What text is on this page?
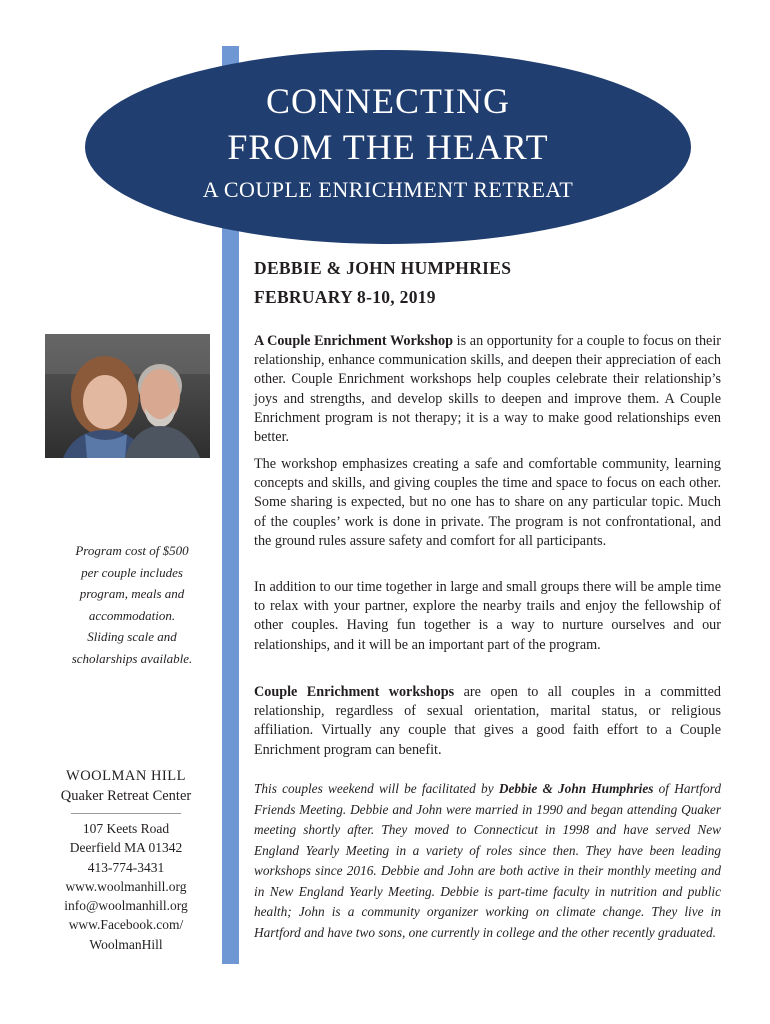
CONNECTING
FROM THE HEART
A COUPLE ENRICHMENT RETREAT
DEBBIE & JOHN HUMPHRIES
FEBRUARY 8-10, 2019
Program cost of $500
per couple includes
program, meals and
accommodation.
Sliding scale and
scholarships available.
WOOLMAN HILL
Quaker Retreat Center
107 Keets Road
Deerfield MA 01342
413-774-3431
www.woolmanhill.org
info@woolmanhill.org
www.Facebook.com/
WoolmanHill
A Couple Enrichment Workshop is an opportunity for a couple to focus on their relationship, enhance communication skills, and deepen their appreciation of each other. Couple Enrichment workshops help couples celebrate their relationship’s joys and strengths, and develop skills to deepen and improve them. A Couple Enrichment program is not therapy; it is a way to make good relationships even better.
The workshop emphasizes creating a safe and comfortable community, learning concepts and skills, and giving couples the time and space to focus on each other. Some sharing is expected, but no one has to share on any particular topic. Much of the couples’ work is done in private. The program is not confrontational, and the ground rules assure safety and comfort for all participants.
In addition to our time together in large and small groups there will be ample time to relax with your partner, explore the nearby trails and enjoy the fellowship of other couples. Having fun together is a way to nurture ourselves and our relationships, and it will be an important part of the program.
Couple Enrichment workshops are open to all couples in a committed relationship, regardless of sexual orientation, marital status, or religious affiliation. Virtually any couple that gives a good faith effort to a Couple Enrichment program can benefit.
This couples weekend will be facilitated by Debbie & John Humphries of Hartford Friends Meeting. Debbie and John were married in 1990 and began attending Quaker meeting shortly after. They moved to Connecticut in 1998 and have served New England Yearly Meeting in a variety of roles since then. They have been leading workshops since 2016. Debbie and John are both active in their monthly meeting and in New England Yearly Meeting. Debbie is part-time faculty in nutrition and public health; John is a community organizer working on climate change. They live in Hartford and have two sons, one currently in college and the other recently graduated.
